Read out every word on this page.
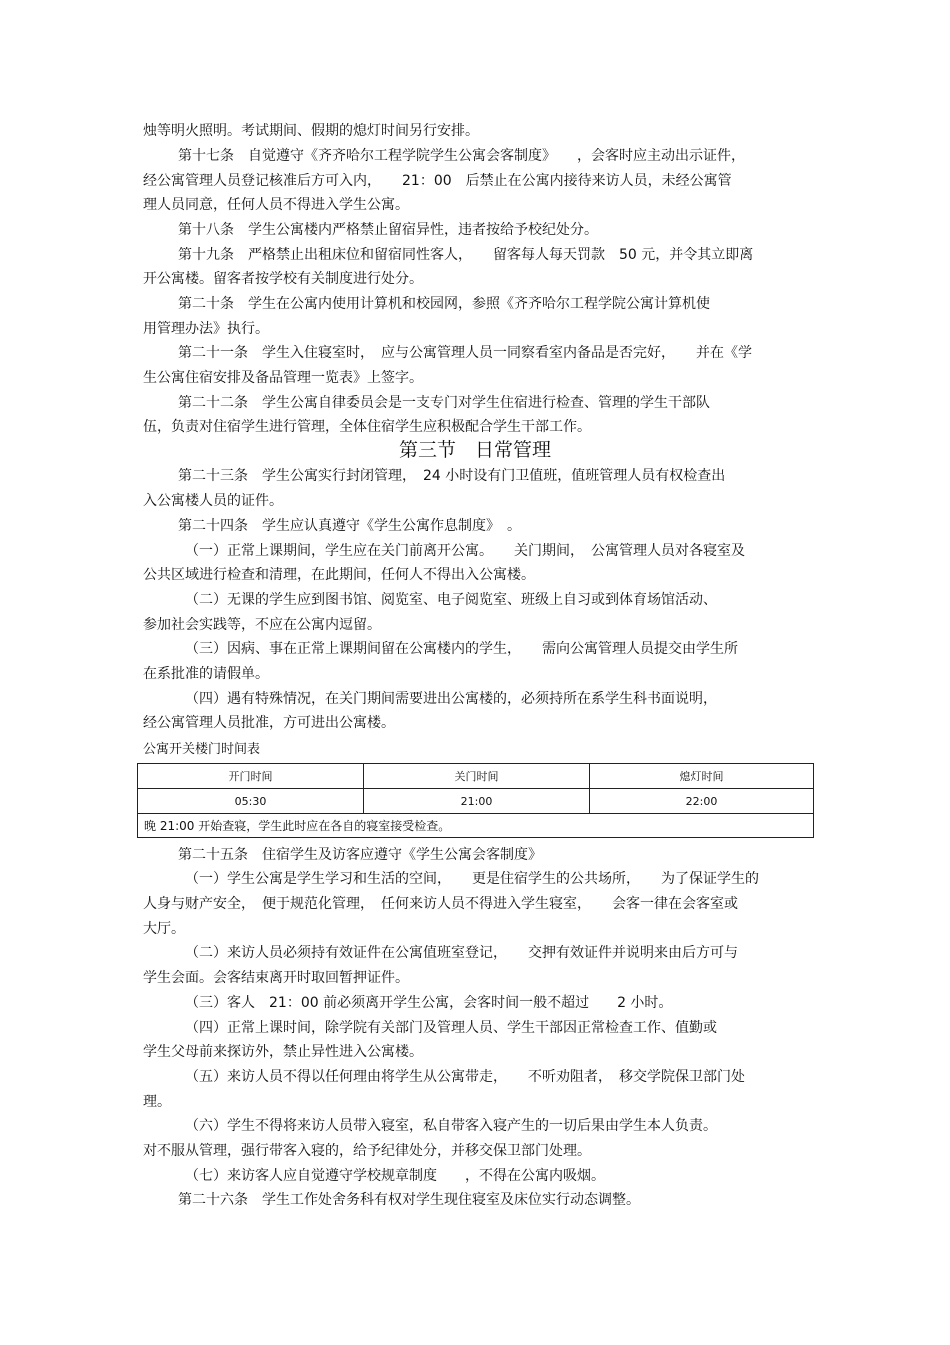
烛等明火照明。考试期间、假期的熄灯时间另行安排。

第十七条　自觉遵守《齐齐哈尔工程学院学生公寓会客制度》　　，会客时应主动出示证件，

经公寓管理人员登记核准后方可入内，　　21：00　后禁止在公寓内接待来访人员，未经公寓管

理人员同意，任何人员不得进入学生公寓。

第十八条　学生公寓楼内严格禁止留宿异性，违者按给予校纪处分。

第十九条　严格禁止出租床位和留宿同性客人，　　留客每人每天罚款　50 元，并令其立即离

开公寓楼。留客者按学校有关制度进行处分。

第二十条　学生在公寓内使用计算机和校园网，参照《齐齐哈尔工程学院公寓计算机使

用管理办法》执行。

第二十一条　学生入住寝室时，　应与公寓管理人员一同察看室内备品是否完好，　　并在《学

生公寓住宿安排及备品管理一览表》上签字。

第二十二条　学生公寓自律委员会是一支专门对学生住宿进行检查、管理的学生干部队

伍，负责对住宿学生进行管理，全体住宿学生应积极配合学生干部工作。

第三节　日常管理

第二十三条　学生公寓实行封闭管理，　24 小时设有门卫值班，值班管理人员有权检查出

入公寓楼人员的证件。

第二十四条　学生应认真遵守《学生公寓作息制度》　。

（一）正常上课期间，学生应在关门前离开公寓。　　关门期间，　公寓管理人员对各寝室及

公共区域进行检查和清理，在此期间，任何人不得出入公寓楼。

（二）无课的学生应到图书馆、阅览室、电子阅览室、班级上自习或到体育场馆活动、

参加社会实践等，不应在公寓内逗留。

（三）因病、事在正常上课期间留在公寓楼内的学生，　　需向公寓管理人员提交由学生所

在系批准的请假单。

（四）遇有特殊情况，在关门期间需要进出公寓楼的，必须持所在系学生科书面说明，

经公寓管理人员批准，方可进出公寓楼。

公寓开关楼门时间表
开门时间	关门时间	熄灯时间
05:30	21:00	22:00
晚 21:00 开始查寝，学生此时应在各自的寝室接受检查。		

第二十五条　住宿学生及访客应遵守《学生公寓会客制度》

（一）学生公寓是学生学习和生活的空间，　　更是住宿学生的公共场所，　　为了保证学生的

人身与财产安全，　便于规范化管理，　任何来访人员不得进入学生寝室，　　会客一律在会客室或

大厅。

（二）来访人员必须持有效证件在公寓值班室登记，　　交押有效证件并说明来由后方可与

学生会面。会客结束离开时取回暂押证件。

（三）客人　21：00 前必须离开学生公寓，会客时间一般不超过　　2 小时。

（四）正常上课时间，除学院有关部门及管理人员、学生干部因正常检查工作、值勤或

学生父母前来探访外，禁止异性进入公寓楼。

（五）来访人员不得以任何理由将学生从公寓带走，　　不听劝阻者，　移交学院保卫部门处

理。

（六）学生不得将来访人员带入寝室，私自带客入寝产生的一切后果由学生本人负责。

对不服从管理，强行带客入寝的，给予纪律处分，并移交保卫部门处理。

（七）来访客人应自觉遵守学校规章制度　　，不得在公寓内吸烟。

第二十六条　学生工作处舍务科有权对学生现住寝室及床位实行动态调整。
